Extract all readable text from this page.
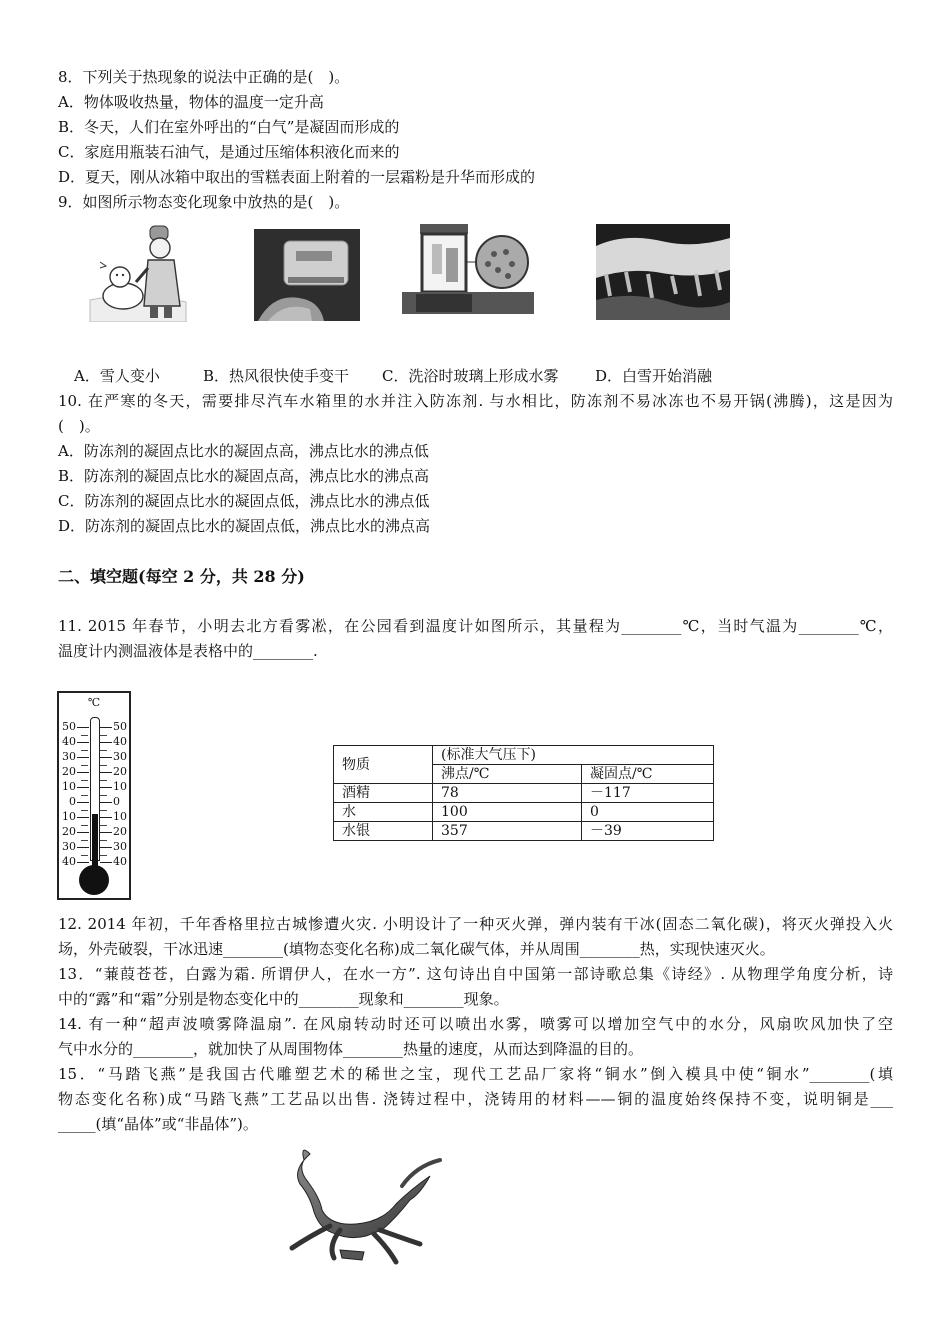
8．下列关于热现象的说法中正确的是(　)。
A．物体吸收热量，物体的温度一定升高
B．冬天，人们在室外呼出的“白气”是凝固而形成的
C．家庭用瓶装石油气，是通过压缩体积液化而来的
D．夏天，刚从冰箱中取出的雪糕表面上附着的一层霜粉是升华而形成的
9．如图所示物态变化现象中放热的是(　)。
A．雪人变小	B．热风很快使手变干 C．洗浴时玻璃上形成水雾 D．白雪开始消融
10. 在严寒的冬天，需要排尽汽车水箱里的水并注入防冻剂. 与水相比，防冻剂不易冰冻也不易开锅(沸腾)，这是因为
(　)。
A．防冻剂的凝固点比水的凝固点高，沸点比水的沸点低
B．防冻剂的凝固点比水的凝固点高，沸点比水的沸点高
C．防冻剂的凝固点比水的凝固点低，沸点比水的沸点低
D．防冻剂的凝固点比水的凝固点低，沸点比水的沸点高
二、填空题(每空 2 分，共 28 分)
11. 2015 年春节，小明去北方看雾凇，在公园看到温度计如图所示，其量程为________℃，当时气温为________℃，
温度计内测温液体是表格中的________.
℃
50
40
30
20
10
0
10
20
30
40
50
40
30
20
10
0
10
20
30
40
物质	(标准大气压下)	
	沸点/℃	凝固点/℃
酒精	78	－117
水	100	0
水银	357	－39
12. 2014 年初，千年香格里拉古城惨遭火灾. 小明设计了一种灭火弹，弹内装有干冰(固态二氧化碳)，将灭火弹投入火
场，外壳破裂，干冰迅速________(填物态变化名称)成二氧化碳气体，并从周围________热，实现快速灭火。
13．“蒹葭苍苍，白露为霜. 所谓伊人，在水一方”. 这句诗出自中国第一部诗歌总集《诗经》. 从物理学角度分析，诗
中的“露”和“霜”分别是物态变化中的________现象和________现象。
14. 有一种“超声波喷雾降温扇”. 在风扇转动时还可以喷出水雾，喷雾可以增加空气中的水分，风扇吹风加快了空
气中水分的________，就加快了从周围物体________热量的速度，从而达到降温的目的。
15．“马踏飞燕”是我国古代雕塑艺术的稀世之宝，现代工艺品厂家将“铜水”倒入模具中使“铜水”________(填
物态变化名称)成“马踏飞燕”工艺品以出售. 浇铸过程中，浇铸用的材料——铜的温度始终保持不变，说明铜是___
_____(填“晶体”或“非晶体”)。
